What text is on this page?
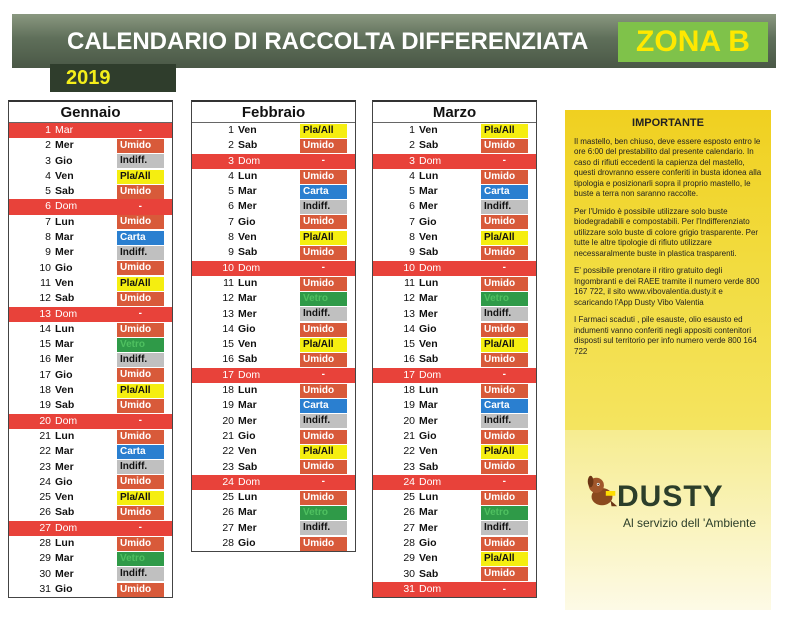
CALENDARIO DI RACCOLTA DIFFERENZIATA	ZONA B
2019
Gennaio
1 Mar	-
2 Mer	Umido
3 Gio	Indiff.
4 Ven	Pla/All
5 Sab	Umido
6 Dom	-
7 Lun	Umido
8 Mar	Carta
9 Mer	Indiff.
10 Gio	Umido
11 Ven	Pla/All
12 Sab	Umido
13 Dom	-
14 Lun	Umido
15 Mar	Vetro
16 Mer	Indiff.
17 Gio	Umido
18 Ven	Pla/All
19 Sab	Umido
20 Dom	-
21 Lun	Umido
22 Mar	Carta
23 Mer	Indiff.
24 Gio	Umido
25 Ven	Pla/All
26 Sab	Umido
27 Dom	-
28 Lun	Umido
29 Mar	Vetro
30 Mer	Indiff.
31 Gio	Umido
Febbraio
1 Ven	Pla/All
2 Sab	Umido
3 Dom	-
4 Lun	Umido
5 Mar	Carta
6 Mer	Indiff.
7 Gio	Umido
8 Ven	Pla/All
9 Sab	Umido
10 Dom	-
11 Lun	Umido
12 Mar	Vetro
13 Mer	Indiff.
14 Gio	Umido
15 Ven	Pla/All
16 Sab	Umido
17 Dom	-
18 Lun	Umido
19 Mar	Carta
20 Mer	Indiff.
21 Gio	Umido
22 Ven	Pla/All
23 Sab	Umido
24 Dom	-
25 Lun	Umido
26 Mar	Vetro
27 Mer	Indiff.
28 Gio	Umido
Marzo
1 Ven	Pla/All
2 Sab	Umido
3 Dom	-
4 Lun	Umido
5 Mar	Carta
6 Mer	Indiff.
7 Gio	Umido
8 Ven	Pla/All
9 Sab	Umido
10 Dom	-
11 Lun	Umido
12 Mar	Vetro
13 Mer	Indiff.
14 Gio	Umido
15 Ven	Pla/All
16 Sab	Umido
17 Dom	-
18 Lun	Umido
19 Mar	Carta
20 Mer	Indiff.
21 Gio	Umido
22 Ven	Pla/All
23 Sab	Umido
24 Dom	-
25 Lun	Umido
26 Mar	Vetro
27 Mer	Indiff.
28 Gio	Umido
29 Ven	Pla/All
30 Sab	Umido
31 Dom	-
IMPORTANTE

Il mastello, ben chiuso, deve essere esposto entro le ore 6:00 del prestabilito dal presente calendario. In caso di rifiuti eccedenti la capienza del mastello, questi drovranno essere conferiti in busta idonea alla tipologia e posizionarli sopra il proprio mastello, le buste a terra non saranno raccolte.

Per l'Umido è possibile utilizzare solo buste biodegradabili e compostabili. Per l'Indifferenziato utilizzare solo buste di colore grigio trasparente. Per tutte le altre tipologie di rifiuto utilizzare necessaralmente buste in plastica trasparenti.

E' possibile prenotare il ritiro gratuito degli Ingombranti e dei RAEE tramite il numero verde 800 167 722, il sito www.vibovalentia.dusty.it e scaricando l'App Dusty Vibo Valentia

I Farmaci scaduti , pile esauste, olio esausto ed indumenti vanno conferiti negli appositi contenitori disposti sul territorio per info numero verde 800 164 722

DUSTY
Al servizio dell 'Ambiente
